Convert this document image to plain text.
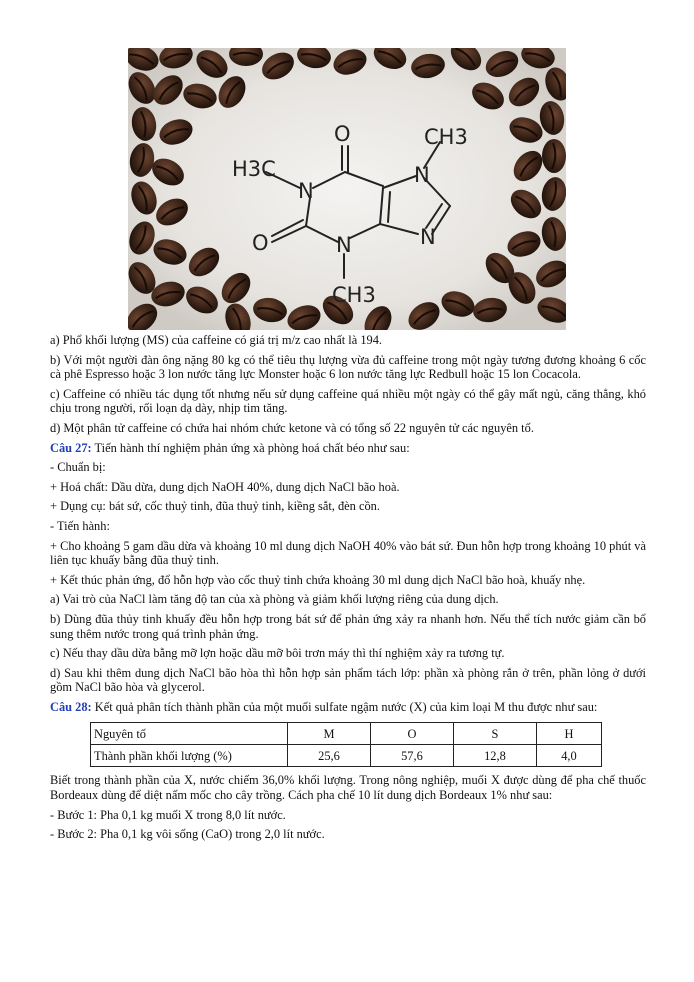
O	CH3
H3C
N
N
N
O	N
CH3

a) Phổ khối lượng (MS) của caffeine có giá trị m/z cao nhất là 194.

b) Với một người đàn ông nặng 80 kg có thể tiêu thụ lượng vừa đủ caffeine trong một ngày tương đương khoảng 6 cốc cà phê Espresso hoặc 3 lon nước tăng lực Monster hoặc 6 lon nước tăng lực Redbull hoặc 15 lon Cocacola.

c) Caffeine có nhiều tác dụng tốt nhưng nếu sử dụng caffeine quá nhiều một ngày có thể gây mất ngủ, căng thẳng, khó chịu trong người, rối loạn dạ dày, nhịp tim tăng.

d) Một phân tử caffeine có chứa hai nhóm chức ketone và có tổng số 22 nguyên tử các nguyên tố.

Câu 27: Tiến hành thí nghiệm phản ứng xà phòng hoá chất béo như sau:

- Chuẩn bị:

+ Hoá chất: Dầu dừa, dung dịch NaOH 40%, dung dịch NaCl bão hoà.

+ Dụng cụ: bát sứ, cốc thuỷ tinh, đũa thuỷ tinh, kiềng sắt, đèn cồn.

- Tiến hành:

+ Cho khoảng 5 gam dầu dừa và khoảng 10 ml dung dịch NaOH 40% vào bát sứ. Đun hỗn hợp trong khoảng 10 phút và liên tục khuấy bằng đũa thuỷ tinh.

+ Kết thúc phản ứng, đổ hỗn hợp vào cốc thuỷ tinh chứa khoảng 30 ml dung dịch NaCl bão hoà, khuấy nhẹ.

a) Vai trò của NaCl làm tăng độ tan của xà phòng và giảm khối lượng riêng của dung dịch.

b) Dùng đũa thủy tinh khuấy đều hỗn hợp trong bát sứ để phản ứng xảy ra nhanh hơn. Nếu thể tích nước giảm cần bổ sung thêm nước trong quá trình phản ứng.

c) Nếu thay dầu dừa bằng mỡ lợn hoặc dầu mỡ bôi trơn máy thì thí nghiệm xảy ra tương tự.

d) Sau khi thêm dung dịch NaCl bão hòa thì hỗn hợp sản phẩm tách lớp: phần xà phòng rắn ở trên, phần lỏng ở dưới gồm NaCl bão hòa và glycerol.

Câu 28: Kết quả phân tích thành phần của một muối sulfate ngậm nước (X) của kim loại M thu được như sau:

Nguyên tố	M	O	S	H
Thành phần khối lượng (%)	25,6	57,6	12,8	4,0

Biết trong thành phần của X, nước chiếm 36,0% khối lượng. Trong nông nghiệp, muối X được dùng để pha chế thuốc Bordeaux dùng để diệt nấm mốc cho cây trồng. Cách pha chế 10 lít dung dịch Bordeaux 1% như sau:

- Bước 1: Pha 0,1 kg muối X trong 8,0 lít nước.

- Bước 2: Pha 0,1 kg vôi sống (CaO) trong 2,0 lít nước.
